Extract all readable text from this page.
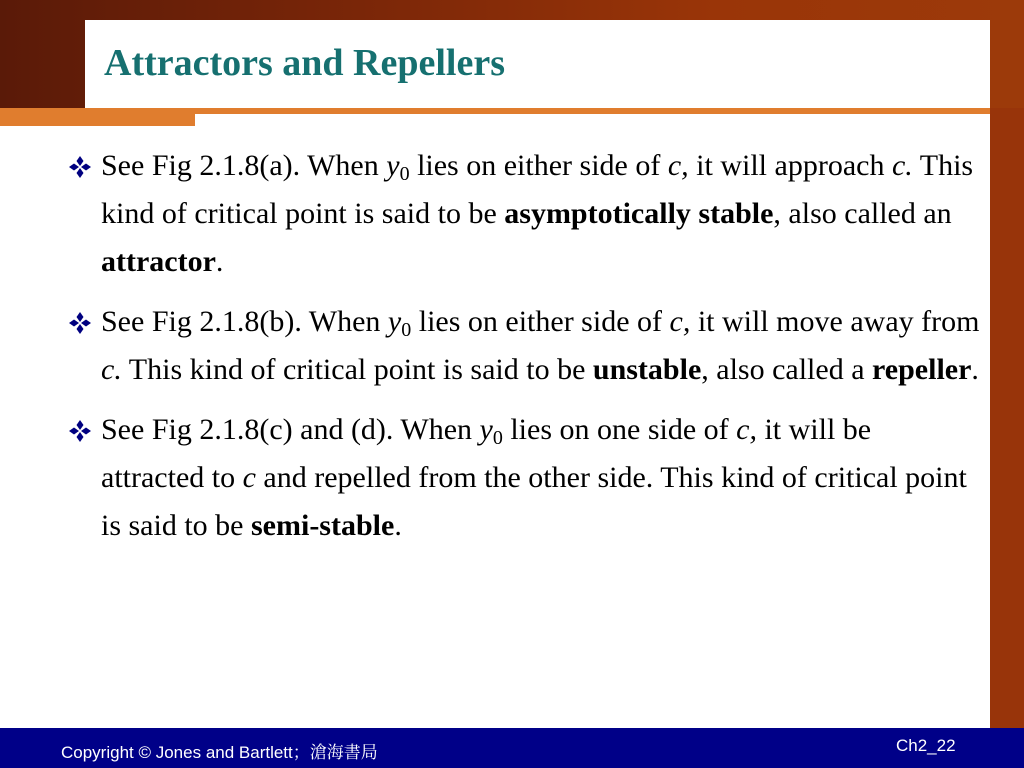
Attractors and Repellers
See Fig 2.1.8(a). When $y_0$ lies on either side of c, it will approach c. This kind of critical point is said to be asymptotically stable, also called an attractor.
See Fig 2.1.8(b). When $y_0$ lies on either side of c, it will move away from c. This kind of critical point is said to be unstable, also called a repeller.
See Fig 2.1.8(c) and (d). When $y_0$ lies on one side of c, it will be attracted to c and repelled from the other side. This kind of critical point is said to be semi-stable.
Copyright © Jones and Bartlett；滄海書局	Ch2_22
